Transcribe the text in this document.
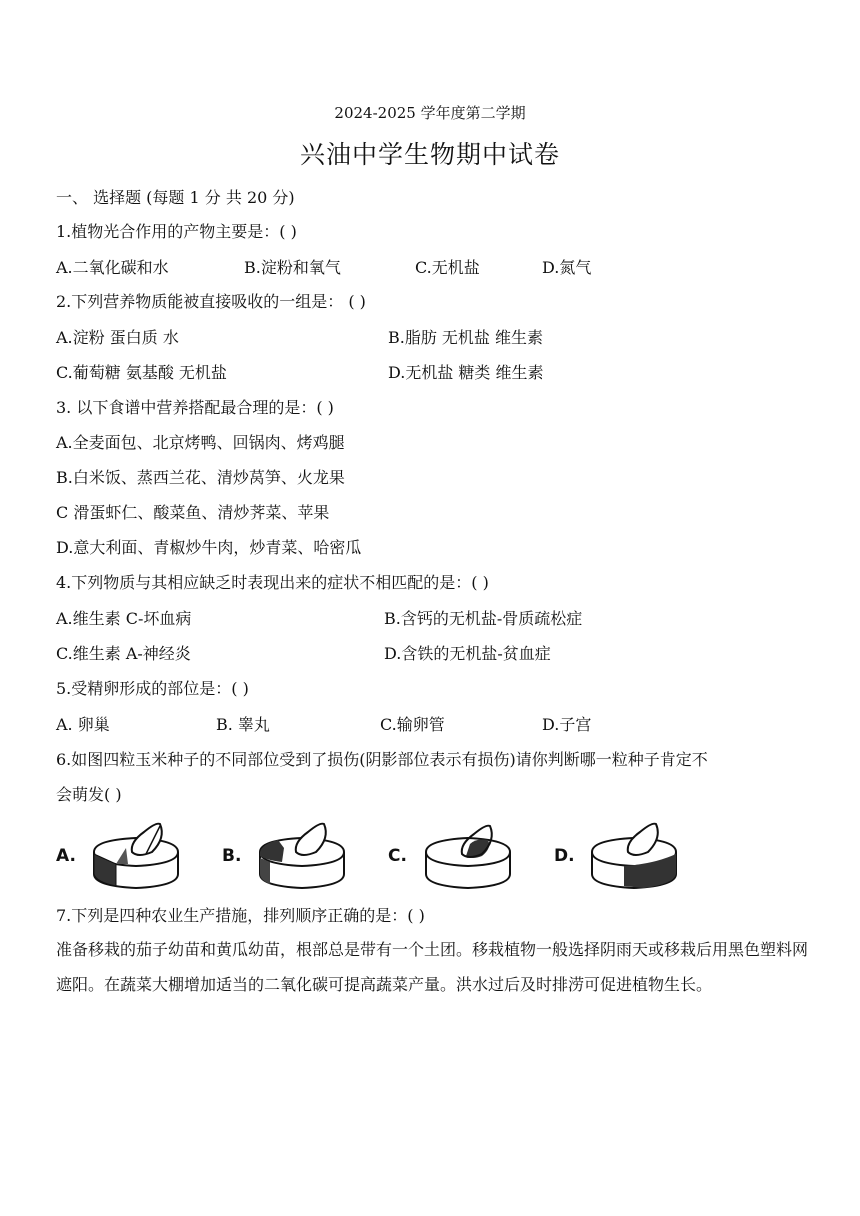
2024-2025 学年度第二学期
兴油中学生物期中试卷
一、 选择题 (每题 1 分 共 20 分)
1.植物光合作用的产物主要是：( )
A.二氧化碳和水	B.淀粉和氧气	C.无机盐	D.氮气
2.下列营养物质能被直接吸收的一组是： ( )
A.淀粉 蛋白质 水	B.脂肪 无机盐 维生素
C.葡萄糖 氨基酸 无机盐	D.无机盐 糖类 维生素
3. 以下食谱中营养搭配最合理的是：( )
A.全麦面包、北京烤鸭、回锅肉、烤鸡腿
B.白米饭、蒸西兰花、清炒莴笋、火龙果
C 滑蛋虾仁、酸菜鱼、清炒荠菜、苹果
D.意大利面、青椒炒牛肉，炒青菜、哈密瓜
4.下列物质与其相应缺乏时表现出来的症状不相匹配的是：( )
A.维生素 C-坏血病	B.含钙的无机盐-骨质疏松症
C.维生素 A-神经炎	D.含铁的无机盐-贫血症
5.受精卵形成的部位是：( )
A. 卵巢	B. 睾丸	C.输卵管	D.子宫
6.如图四粒玉米种子的不同部位受到了损伤(阴影部位表示有损伤)请你判断哪一粒种子肯定不
会萌发( )
A.	B.	C.	D.
7.下列是四种农业生产措施，排列顺序正确的是：( )
准备移栽的茄子幼苗和黄瓜幼苗，根部总是带有一个土团。移栽植物一般选择阴雨天或移栽后用黑色塑料网遮阳。在蔬菜大棚增加适当的二氧化碳可提高蔬菜产量。洪水过后及时排涝可促进植物生长。
